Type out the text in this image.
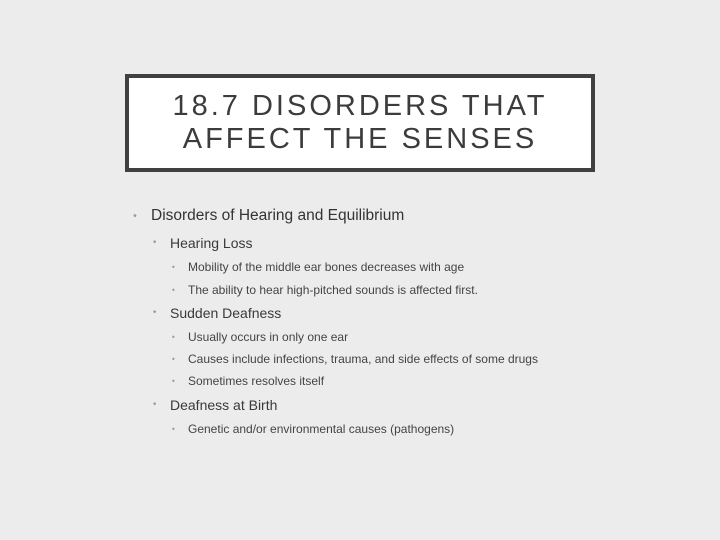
18.7 DISORDERS THAT
AFFECT THE SENSES
• Disorders of Hearing and Equilibrium
• Hearing Loss
•	Mobility of the middle ear bones decreases with age
•	The ability to hear high-pitched sounds is affected first.
• Sudden Deafness
•	Usually occurs in only one ear
•	Causes include infections, trauma, and side effects of some drugs
•	Sometimes resolves itself
• Deafness at Birth
•	Genetic and/or environmental causes (pathogens)
